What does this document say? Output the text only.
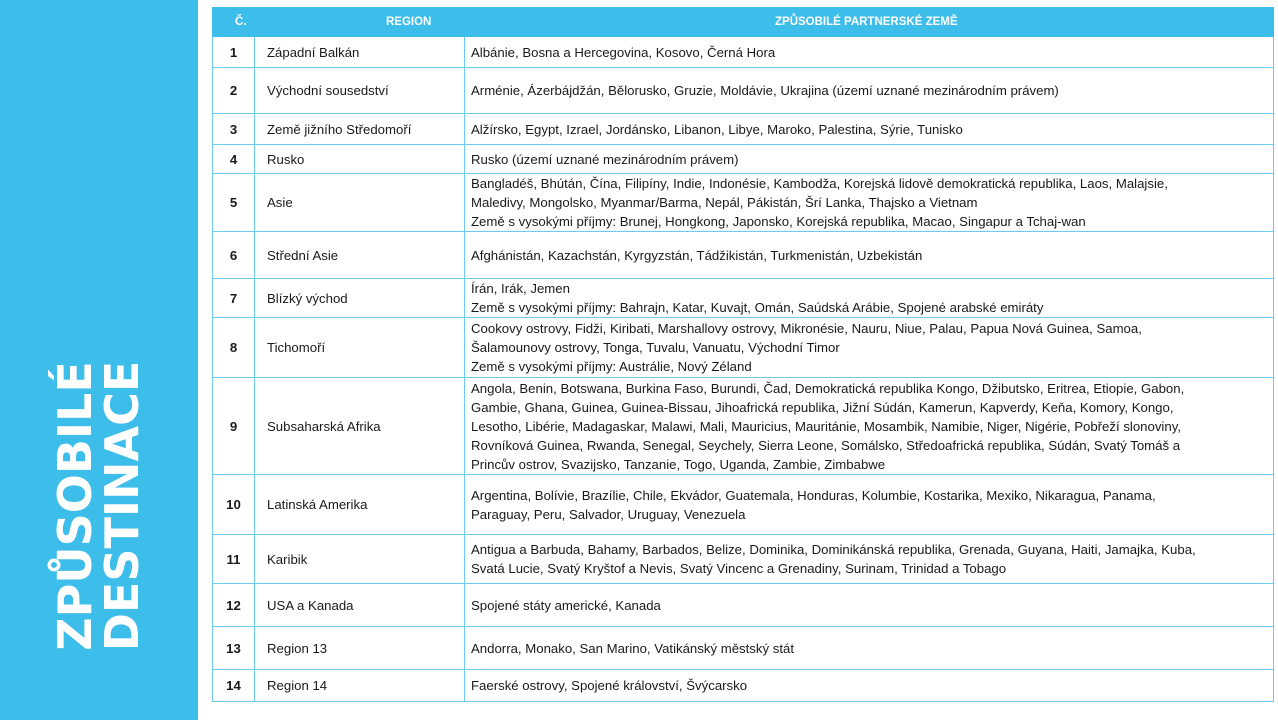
ZPŮSOBILÉ
DESTINACE
Č.	REGION	ZPŮSOBILÉ PARTNERSKÉ ZEMĚ
1	Západní Balkán	Albánie, Bosna a Hercegovina, Kosovo, Černá Hora

2	Východní sousedství	Arménie, Ázerbájdžán, Bělorusko, Gruzie, Moldávie, Ukrajina (území uznané mezinárodním právem)

3	Země jižního Středomoří	Alžírsko, Egypt, Izrael, Jordánsko, Libanon, Libye, Maroko, Palestina, Sýrie, Tunisko

4	Rusko	Rusko (území uznané mezinárodním právem)

5	Asie	Bangladéš, Bhútán, Čína, Filipíny, Indie, Indonésie, Kambodža, Korejská lidově demokratická republika, Laos, Malajsie,
Maledivy, Mongolsko, Myanmar/Barma, Nepál, Pákistán, Šrí Lanka, Thajsko a Vietnam
Země s vysokými příjmy: Brunej, Hongkong, Japonsko, Korejská republika, Macao, Singapur a Tchaj-wan

6	Střední Asie	Afghánistán, Kazachstán, Kyrgyzstán, Tádžikistán, Turkmenistán, Uzbekistán

7	Blízký východ	Írán, Irák, Jemen
Země s vysokými příjmy: Bahrajn, Katar, Kuvajt, Omán, Saúdská Arábie, Spojené arabské emiráty

8	Tichomoří	Cookovy ostrovy, Fidži, Kiribati, Marshallovy ostrovy, Mikronésie, Nauru, Niue, Palau, Papua Nová Guinea, Samoa,
Šalamounovy ostrovy, Tonga, Tuvalu, Vanuatu, Východní Timor
Země s vysokými příjmy: Austrálie, Nový Zéland

9	Subsaharská Afrika	Angola, Benin, Botswana, Burkina Faso, Burundi, Čad, Demokratická republika Kongo, Džibutsko, Eritrea, Etiopie, Gabon,
Gambie, Ghana, Guinea, Guinea-Bissau, Jihoafrická republika, Jižní Súdán, Kamerun, Kapverdy, Keňa, Komory, Kongo,
Lesotho, Libérie, Madagaskar, Malawi, Mali, Mauricius, Mauritánie, Mosambik, Namibie, Niger, Nigérie, Pobřeží slonoviny,
Rovníková Guinea, Rwanda, Senegal, Seychely, Sierra Leone, Somálsko, Středoafrická republika, Súdán, Svatý Tomáš a
Princův ostrov, Svazijsko, Tanzanie, Togo, Uganda, Zambie, Zimbabwe

10	Latinská Amerika	Argentina, Bolívie, Brazílie, Chile, Ekvádor, Guatemala, Honduras, Kolumbie, Kostarika, Mexiko, Nikaragua, Panama,
Paraguay, Peru, Salvador, Uruguay, Venezuela

11	Karibik	Antigua a Barbuda, Bahamy, Barbados, Belize, Dominika, Dominikánská republika, Grenada, Guyana, Haiti, Jamajka, Kuba,
Svatá Lucie, Svatý Kryštof a Nevis, Svatý Vincenc a Grenadiny, Surinam, Trinidad a Tobago

12	USA a Kanada	Spojené státy americké, Kanada

13	Region 13	Andorra, Monako, San Marino, Vatikánský městský stát

14	Region 14	Faerské ostrovy, Spojené království, Švýcarsko
